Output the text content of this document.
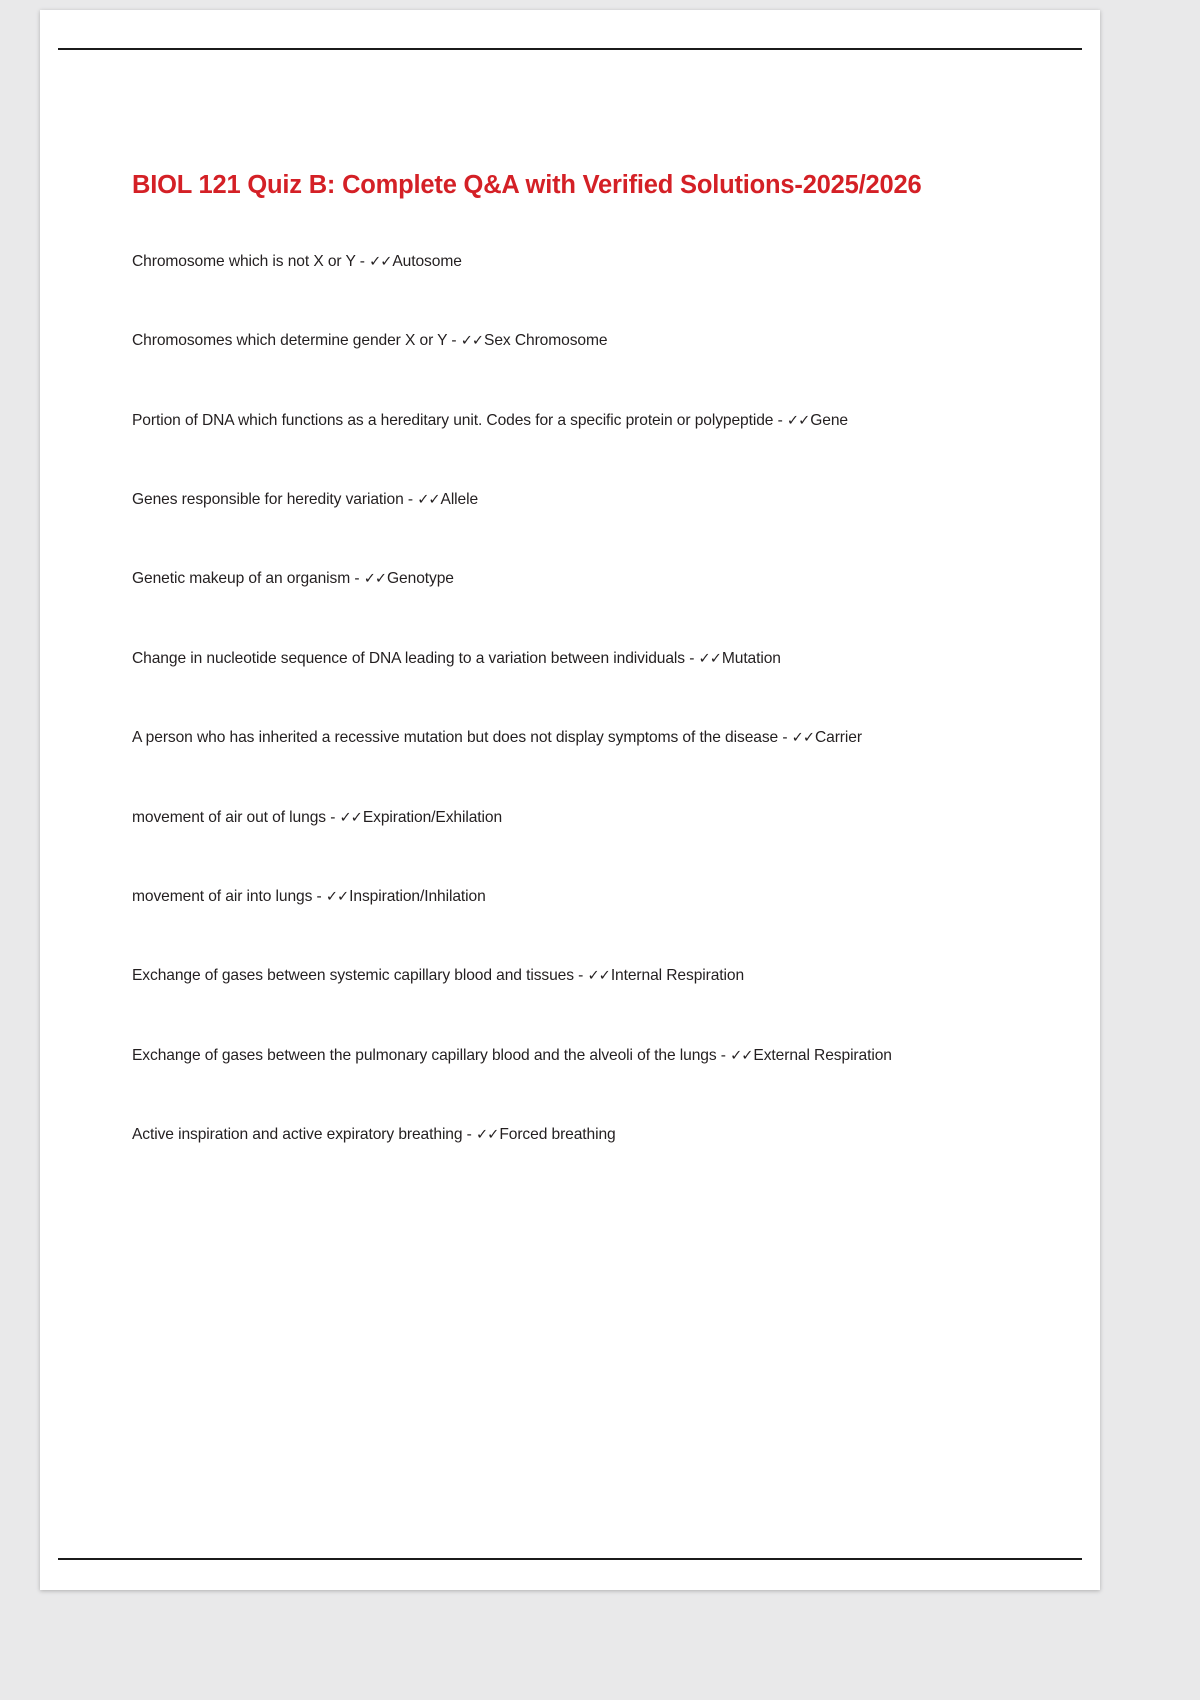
BIOL 121 Quiz B: Complete Q&A with Verified Solutions-2025/2026

Chromosome which is not X or Y - ✓✓Autosome

Chromosomes which determine gender X or Y - ✓✓Sex Chromosome

Portion of DNA which functions as a hereditary unit. Codes for a specific protein or polypeptide - ✓✓Gene

Genes responsible for heredity variation - ✓✓Allele

Genetic makeup of an organism - ✓✓Genotype

Change in nucleotide sequence of DNA leading to a variation between individuals - ✓✓Mutation

A person who has inherited a recessive mutation but does not display symptoms of the disease - ✓✓Carrier

movement of air out of lungs - ✓✓Expiration/Exhilation

movement of air into lungs - ✓✓Inspiration/Inhilation

Exchange of gases between systemic capillary blood and tissues - ✓✓Internal Respiration

Exchange of gases between the pulmonary capillary blood and the alveoli of the lungs - ✓✓External Respiration

Active inspiration and active expiratory breathing - ✓✓Forced breathing
